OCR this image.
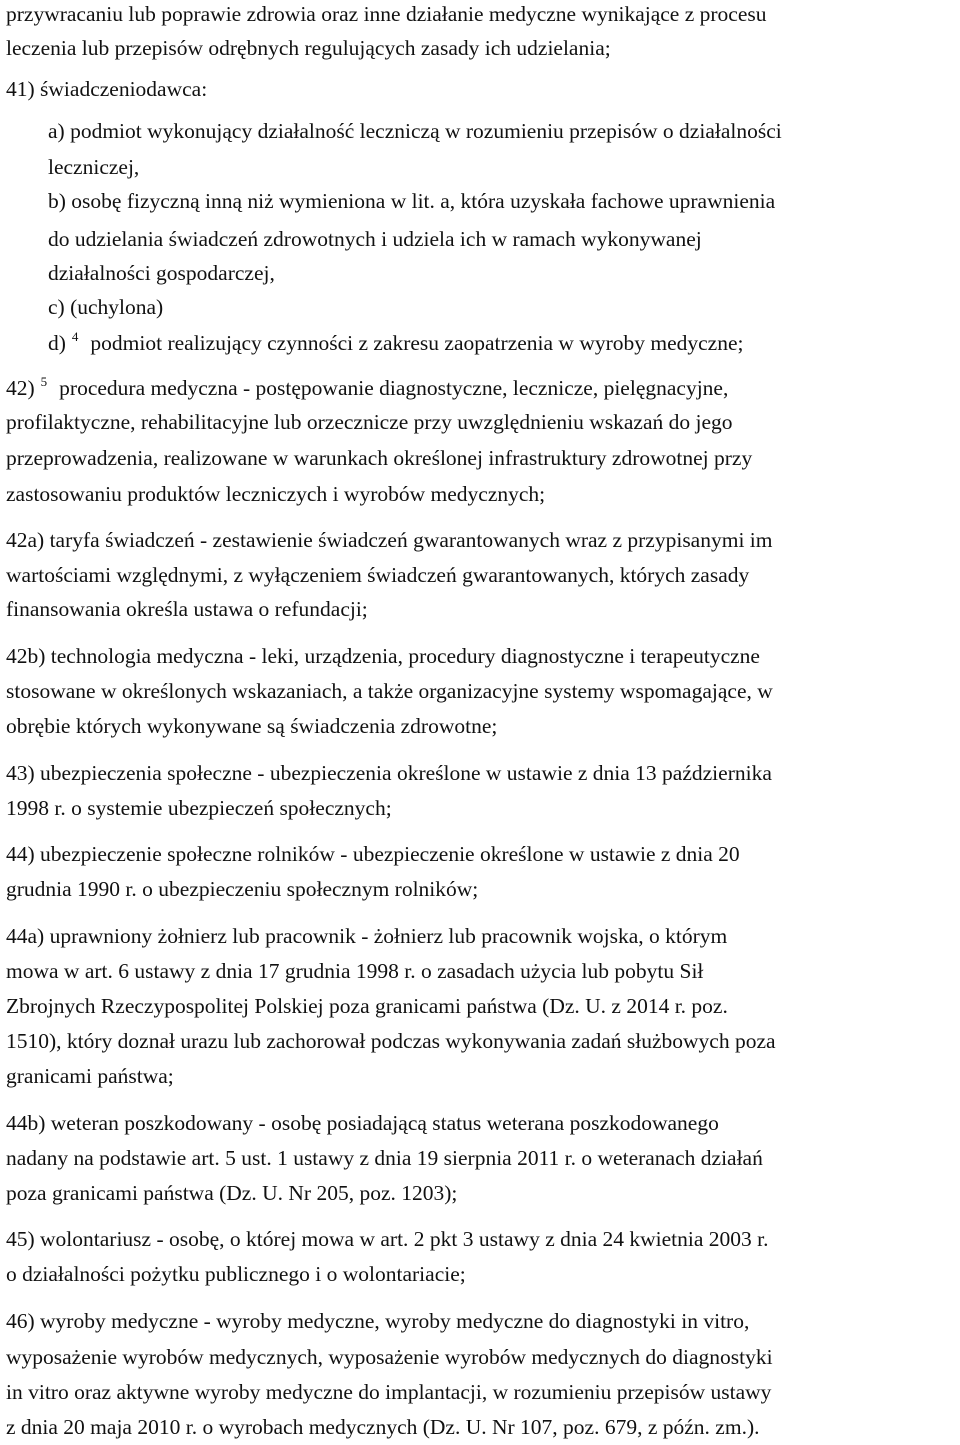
przywracaniu lub poprawie zdrowia oraz inne działanie medyczne wynikające z procesu
leczenia lub przepisów odrębnych regulujących zasady ich udzielania;
41) świadczeniodawca:
a) podmiot wykonujący działalność leczniczą w rozumieniu przepisów o działalności
leczniczej,
b) osobę fizyczną inną niż wymieniona w lit. a, która uzyskała fachowe uprawnienia
do udzielania świadczeń zdrowotnych i udziela ich w ramach wykonywanej
działalności gospodarczej,
c) (uchylona)
d) $^4$ podmiot realizujący czynności z zakresu zaopatrzenia w wyroby medyczne;
42) $^5$ procedura medyczna - postępowanie diagnostyczne, lecznicze, pielęgnacyjne,
profilaktyczne, rehabilitacyjne lub orzecznicze przy uwzględnieniu wskazań do jego
przeprowadzenia, realizowane w warunkach określonej infrastruktury zdrowotnej przy
zastosowaniu produktów leczniczych i wyrobów medycznych;
42a) taryfa świadczeń - zestawienie świadczeń gwarantowanych wraz z przypisanymi im
wartościami względnymi, z wyłączeniem świadczeń gwarantowanych, których zasady
finansowania określa ustawa o refundacji;
42b) technologia medyczna - leki, urządzenia, procedury diagnostyczne i terapeutyczne
stosowane w określonych wskazaniach, a także organizacyjne systemy wspomagające, w
obrębie których wykonywane są świadczenia zdrowotne;
43) ubezpieczenia społeczne - ubezpieczenia określone w ustawie z dnia 13 października
1998 r. o systemie ubezpieczeń społecznych;
44) ubezpieczenie społeczne rolników - ubezpieczenie określone w ustawie z dnia 20
grudnia 1990 r. o ubezpieczeniu społecznym rolników;
44a) uprawniony żołnierz lub pracownik - żołnierz lub pracownik wojska, o którym
mowa w art. 6 ustawy z dnia 17 grudnia 1998 r. o zasadach użycia lub pobytu Sił
Zbrojnych Rzeczypospolitej Polskiej poza granicami państwa (Dz. U. z 2014 r. poz.
1510), który doznał urazu lub zachorował podczas wykonywania zadań służbowych poza
granicami państwa;
44b) weteran poszkodowany - osobę posiadającą status weterana poszkodowanego
nadany na podstawie art. 5 ust. 1 ustawy z dnia 19 sierpnia 2011 r. o weteranach działań
poza granicami państwa (Dz. U. Nr 205, poz. 1203);
45) wolontariusz - osobę, o której mowa w art. 2 pkt 3 ustawy z dnia 24 kwietnia 2003 r.
o działalności pożytku publicznego i o wolontariacie;
46) wyroby medyczne - wyroby medyczne, wyroby medyczne do diagnostyki in vitro,
wyposażenie wyrobów medycznych, wyposażenie wyrobów medycznych do diagnostyki
in vitro oraz aktywne wyroby medyczne do implantacji, w rozumieniu przepisów ustawy
z dnia 20 maja 2010 r. o wyrobach medycznych (Dz. U. Nr 107, poz. 679, z późn. zm.).
